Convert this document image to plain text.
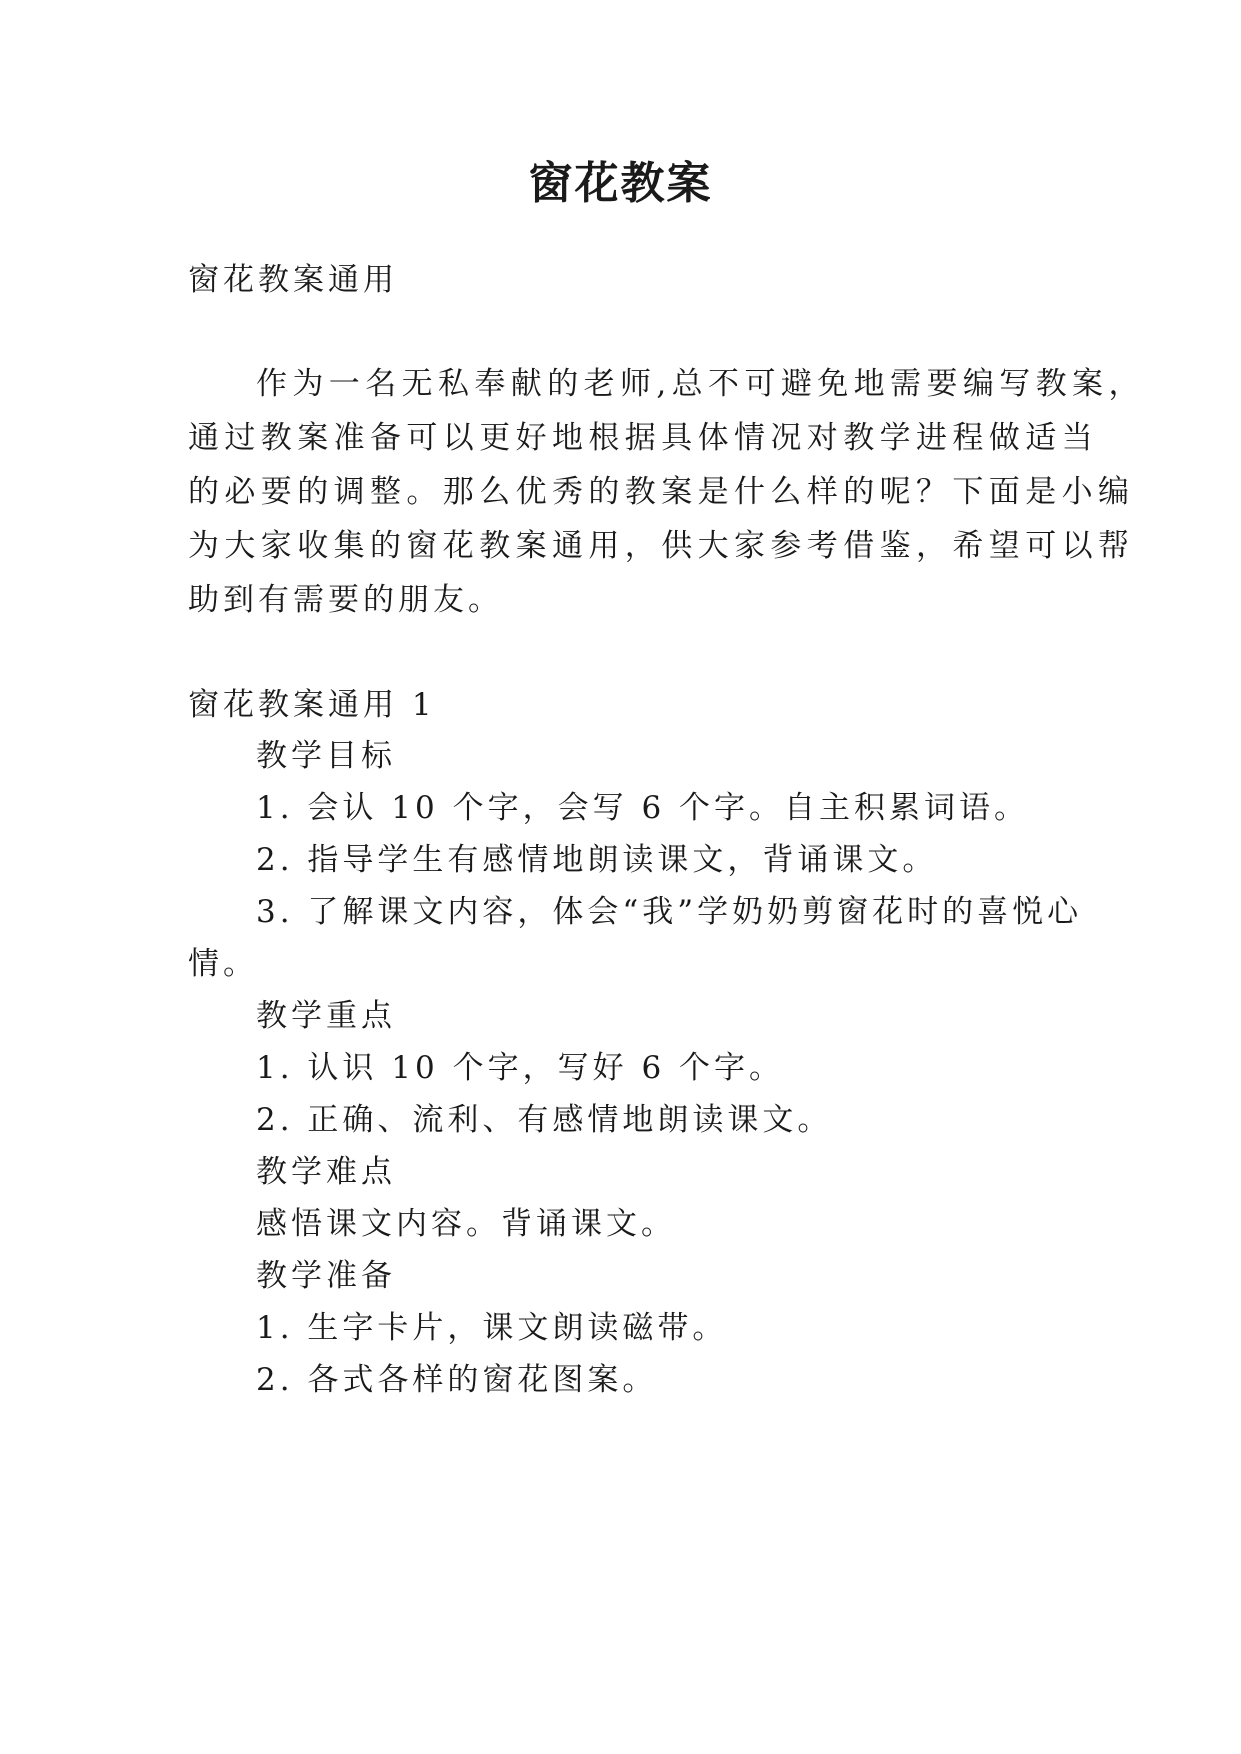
窗花教案
窗花教案通用
作为一名无私奉献的老师,总不可避免地需要编写教案，
通过教案准备可以更好地根据具体情况对教学进程做适当
的必要的调整。那么优秀的教案是什么样的呢？下面是小编
为大家收集的窗花教案通用，供大家参考借鉴，希望可以帮
助到有需要的朋友。
窗花教案通用 1
教学目标
1. 会认 10 个字，会写 6 个字。自主积累词语。
2. 指导学生有感情地朗读课文，背诵课文。
3. 了解课文内容，体会“我”学奶奶剪窗花时的喜悦心
情。
教学重点
1. 认识 10 个字，写好 6 个字。
2. 正确、流利、有感情地朗读课文。
教学难点
感悟课文内容。背诵课文。
教学准备
1. 生字卡片，课文朗读磁带。
2. 各式各样的窗花图案。
